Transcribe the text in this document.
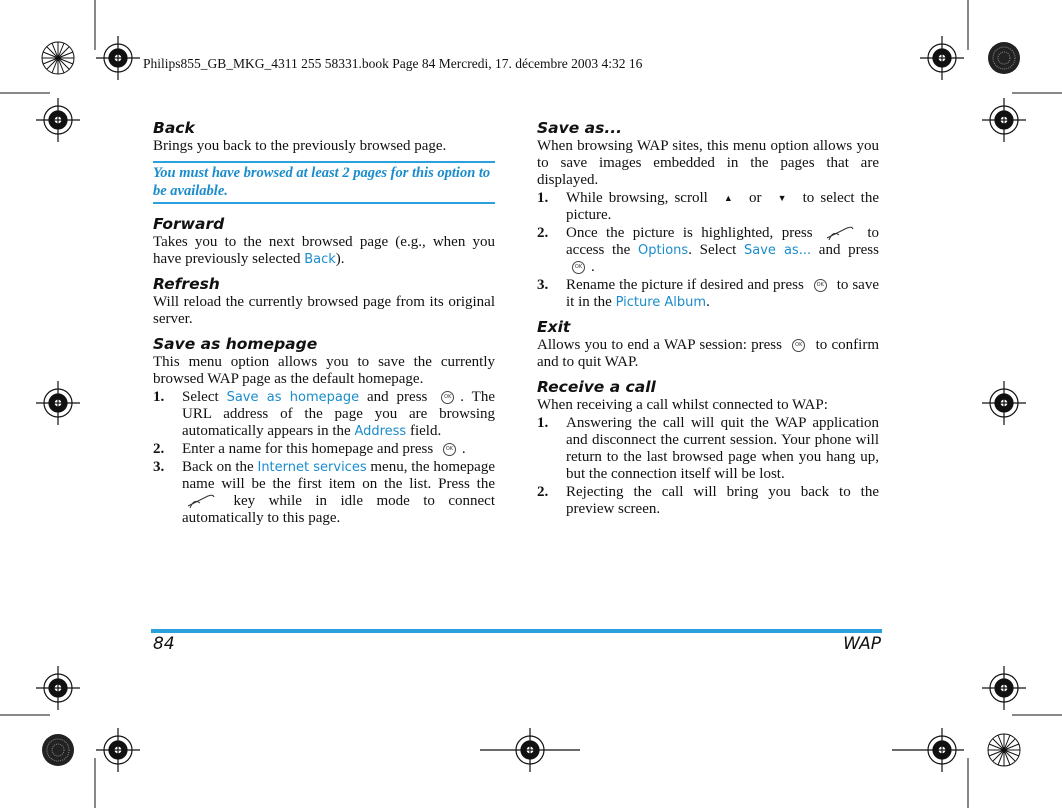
Philips855_GB_MKG_4311 255 58331.book Page 84 Mercredi, 17. décembre 2003 4:32 16
Back

Brings you back to the previously browsed page.

You must have browsed at least 2 pages for this option to be available.
Forward

Takes you to the next browsed page (e.g., when you have previously selected Back).

Refresh

Will reload the currently browsed page from its original server.

Save as homepage

This menu option allows you to save the currently browsed WAP page as the default homepage.

1.	Select Save as homepage and press OK . The URL address of the page you are browsing automatically appears in the Address field.
2.	Enter a name for this homepage and press OK .
3.	Back on the Internet services menu, the homepage name will be the first item on the list. Press the  key while in idle mode to connect automatically to this page.
Save as...

When browsing WAP sites, this menu option allows you to save images embedded in the pages that are displayed.

1.	While browsing, scroll ▲ or ▼ to select the picture.
2.	Once the picture is highlighted, press	to access the Options. Select Save as... and press OK .
3.	Rename the picture if desired and press OK to save it in the Picture Album.
Exit

Allows you to end a WAP session: press OK to confirm and to quit WAP.

Receive a call

When receiving a call whilst connected to WAP:

1.	Answering the call will quit the WAP application and disconnect the current session. Your phone will return to the last browsed page when you hang up, but the connection itself will be lost.
2.	Rejecting the call will bring you back to the preview screen.
84	WAP
